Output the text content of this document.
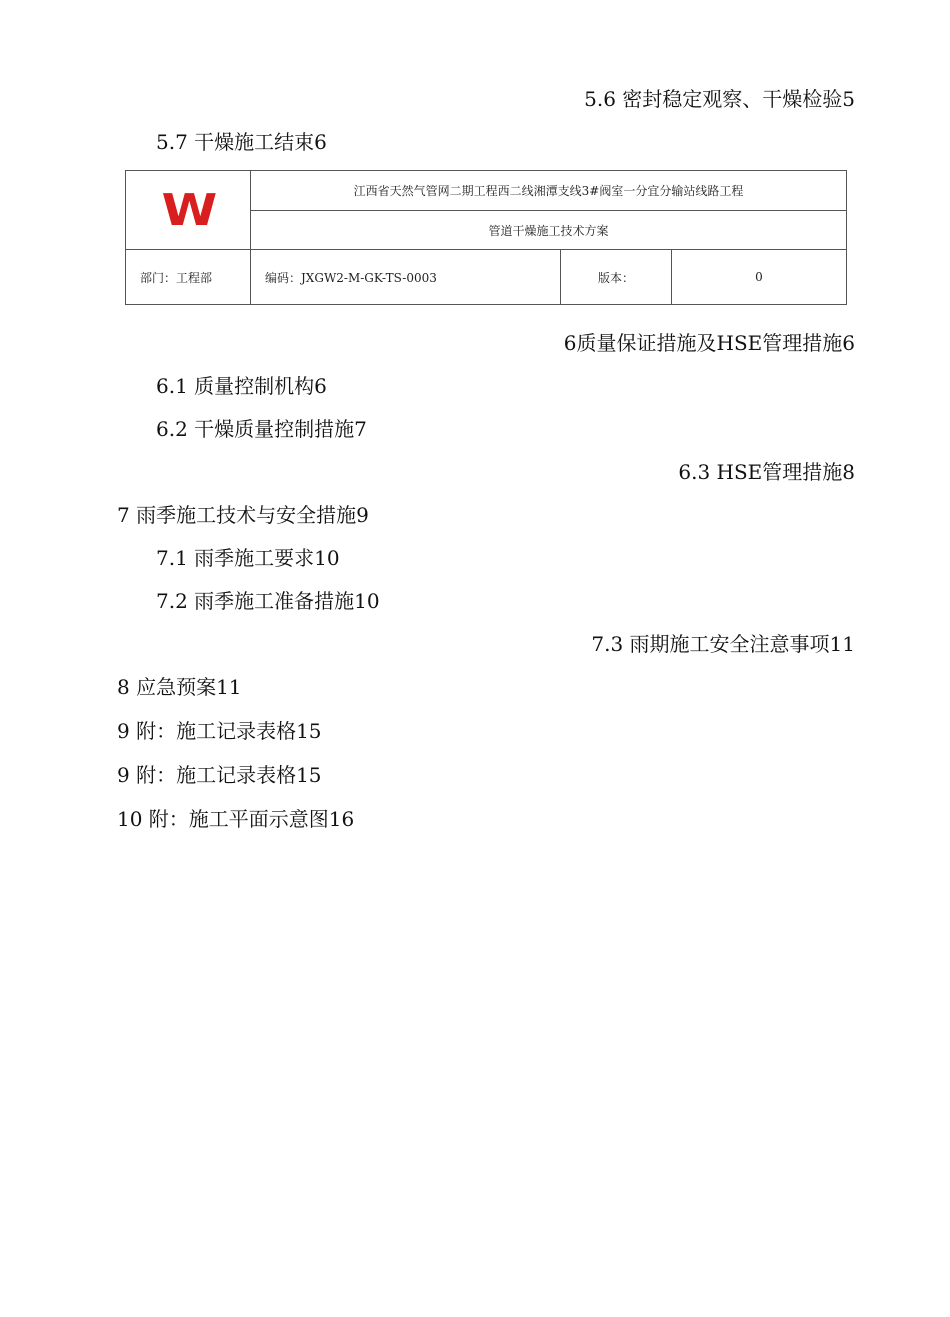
5.6 密封稳定观察、干燥检验5
5.7 干燥施工结束6
W	江西省天然气管网二期工程西二线湘潭支线3#阀室一分宜分输站线路工程		
	管道干燥施工技术方案		
部门：工程部	编码：JXGW2-M-GK-TS-0003	版本：	0
6质量保证措施及HSE管理措施6
6.1 质量控制机构6
6.2 干燥质量控制措施7
6.3 HSE管理措施8
7 雨季施工技术与安全措施9
7.1 雨季施工要求10
7.2 雨季施工准备措施10
7.3 雨期施工安全注意事项11
8 应急预案11
9 附：施工记录表格15
9 附：施工记录表格15
10 附：施工平面示意图16
